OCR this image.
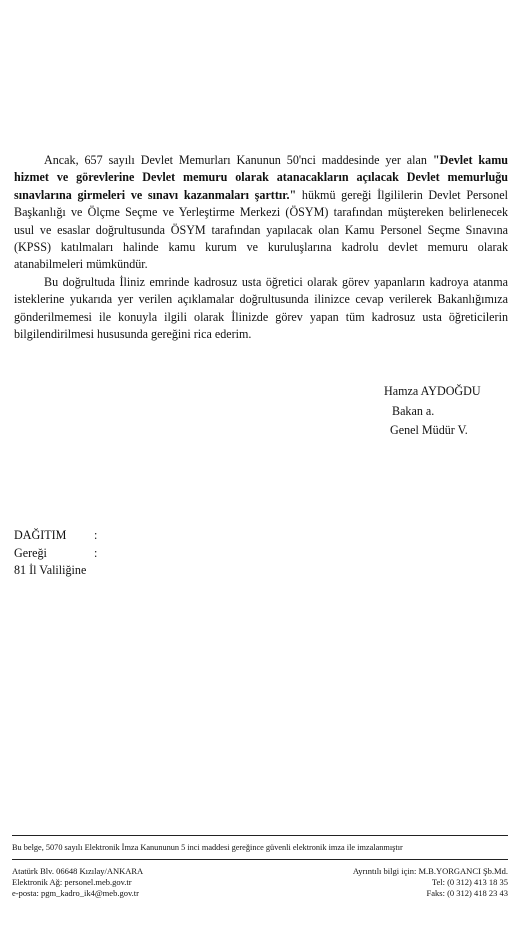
Ancak, 657 sayılı Devlet Memurları Kanunun 50'nci maddesinde yer alan "Devlet kamu hizmet ve görevlerine Devlet memuru olarak atanacakların açılacak Devlet memurluğu sınavlarına girmeleri ve sınavı kazanmaları şarttır." hükmü gereği İlgililerin Devlet Personel Başkanlığı ve Ölçme Seçme ve Yerleştirme Merkezi (ÖSYM) tarafından müştereken belirlenecek usul ve esaslar doğrultusunda ÖSYM tarafından yapılacak olan Kamu Personel Seçme Sınavına (KPSS) katılmaları halinde kamu kurum ve kuruluşlarına kadrolu devlet memuru olarak atanabilmeleri mümkündür.

Bu doğrultuda İliniz emrinde kadrosuz usta öğretici olarak görev yapanların kadroya atanma isteklerine yukarıda yer verilen açıklamalar doğrultusunda ilinizce cevap verilerek Bakanlığımıza gönderilmemesi ile konuyla ilgili olarak İlinizde görev yapan tüm kadrosuz usta öğreticilerin bilgilendirilmesi hususunda gereğini rica ederim.

Hamza AYDOĞDU
Bakan a.
Genel Müdür V.
DAĞITIM :
Gereği	:
81 İl Valiliğine
Bu belge, 5070 sayılı Elektronik İmza Kanununun 5 inci maddesi gereğince güvenli elektronik imza ile imzalanmıştır
Atatürk Blv. 06648 Kızılay/ANKARA
Elektronik Ağ: personel.meb.gov.tr
e-posta: pgm_kadro_ik4@meb.gov.tr
Ayrıntılı bilgi için: M.B.YORGANCI Şb.Md.
Tel: (0 312) 413 18 35
Faks: (0 312) 418 23 43
